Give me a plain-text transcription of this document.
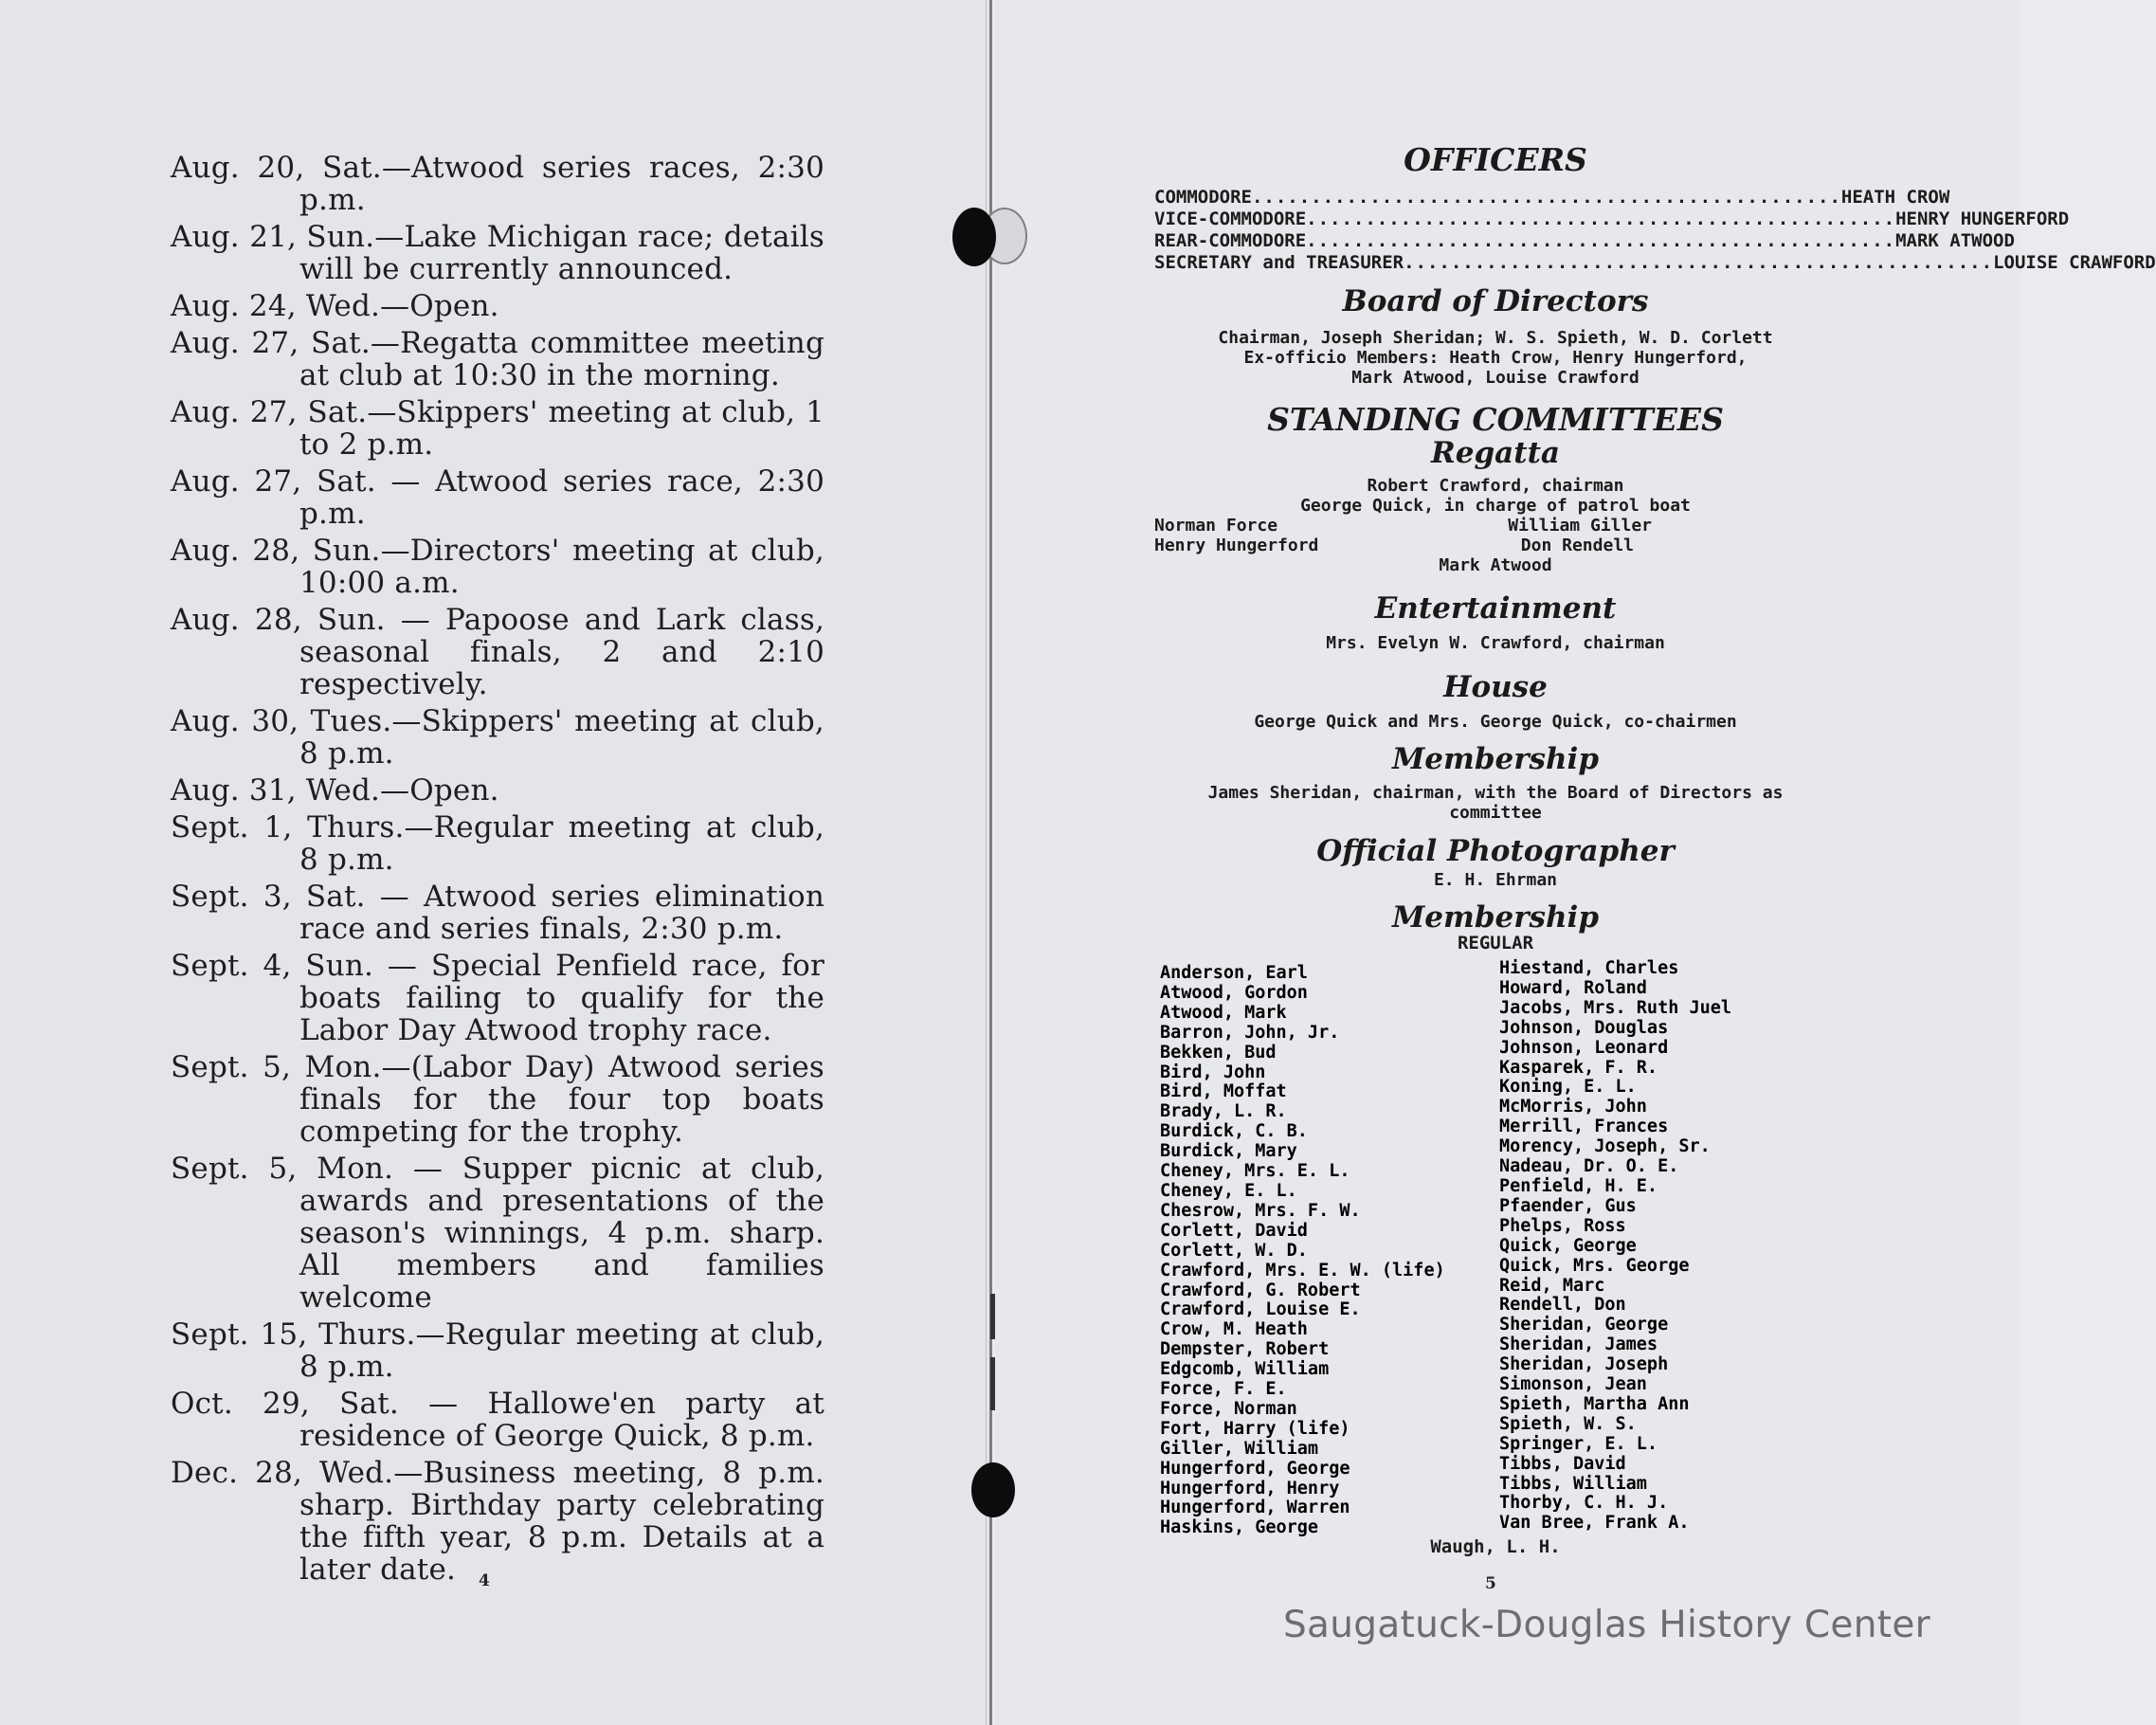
Aug. 20, Sat.—Atwood series races, 2:30 p.m.
Aug. 21, Sun.—Lake Michigan race; details will be currently announced.
Aug. 24, Wed.—Open.
Aug. 27, Sat.—Regatta committee meeting at club at 10:30 in the morning.
Aug. 27, Sat.—Skippers' meeting at club, 1 to 2 p.m.
Aug. 27, Sat. — Atwood series race, 2:30 p.m.
Aug. 28, Sun.—Directors' meeting at club, 10:00 a.m.
Aug. 28, Sun. — Papoose and Lark class, seasonal finals, 2 and 2:10 respectively.
Aug. 30, Tues.—Skippers' meeting at club, 8 p.m.
Aug. 31, Wed.—Open.
Sept. 1, Thurs.—Regular meeting at club, 8 p.m.
Sept. 3, Sat. — Atwood series elimination race and series finals, 2:30 p.m.
Sept. 4, Sun. — Special Penfield race, for boats failing to qualify for the Labor Day Atwood trophy race.
Sept. 5, Mon.—(Labor Day) Atwood series finals for the four top boats competing for the trophy.
Sept. 5, Mon. — Supper picnic at club, awards and presentations of the season's winnings, 4 p.m. sharp. All members and families welcome
Sept. 15, Thurs.—Regular meeting at club, 8 p.m.
Oct. 29, Sat. — Hallowe'en party at residence of George Quick, 8 p.m.
Dec. 28, Wed.—Business meeting, 8 p.m. sharp. Birthday party celebrating the fifth year, 8 p.m. Details at a later date.	4
OFFICERS
COMMODORE .................................................. HEATH CROW
VICE-COMMODORE .................................................. HENRY HUNGERFORD
REAR-COMMODORE .................................................. MARK ATWOOD
SECRETARY and TREASURER .................................................. LOUISE CRAWFORD
Board of Directors
Chairman, Joseph Sheridan; W. S. Spieth, W. D. Corlett
Ex-officio Members: Heath Crow, Henry Hungerford,
Mark Atwood, Louise Crawford
STANDING COMMITTEES
Regatta
Robert Crawford, chairman
George Quick, in charge of patrol boat
Norman Force	William Giller
Henry Hungerford	Don Rendell
Mark Atwood
Entertainment
Mrs. Evelyn W. Crawford, chairman
House
George Quick and Mrs. George Quick, co-chairmen
Membership
James Sheridan, chairman, with the Board of Directors as
committee
Official Photographer
E. H. Ehrman
Membership
REGULAR
Anderson, Earl
Atwood, Gordon
Atwood, Mark
Barron, John, Jr.
Bekken, Bud
Bird, John
Bird, Moffat
Brady, L. R.
Burdick, C. B.
Burdick, Mary
Cheney, Mrs. E. L.
Cheney, E. L.
Chesrow, Mrs. F. W.
Corlett, David
Corlett, W. D.
Crawford, Mrs. E. W. (life)
Crawford, G. Robert
Crawford, Louise E.
Crow, M. Heath
Dempster, Robert
Edgcomb, William
Force, F. E.
Force, Norman
Fort, Harry (life)
Giller, William
Hungerford, George
Hungerford, Henry
Hungerford, Warren
Haskins, George
Hiestand, Charles
Howard, Roland
Jacobs, Mrs. Ruth Juel
Johnson, Douglas
Johnson, Leonard
Kasparek, F. R.
Koning, E. L.
McMorris, John
Merrill, Frances
Morency, Joseph, Sr.
Nadeau, Dr. O. E.
Penfield, H. E.
Pfaender, Gus
Phelps, Ross
Quick, George
Quick, Mrs. George
Reid, Marc
Rendell, Don
Sheridan, George
Sheridan, James
Sheridan, Joseph
Simonson, Jean
Spieth, Martha Ann
Spieth, W. S.
Springer, E. L.
Tibbs, David
Tibbs, William
Thorby, C. H. J.
Van Bree, Frank A.
Waugh, L. H.
5
Saugatuck-Douglas History Center
